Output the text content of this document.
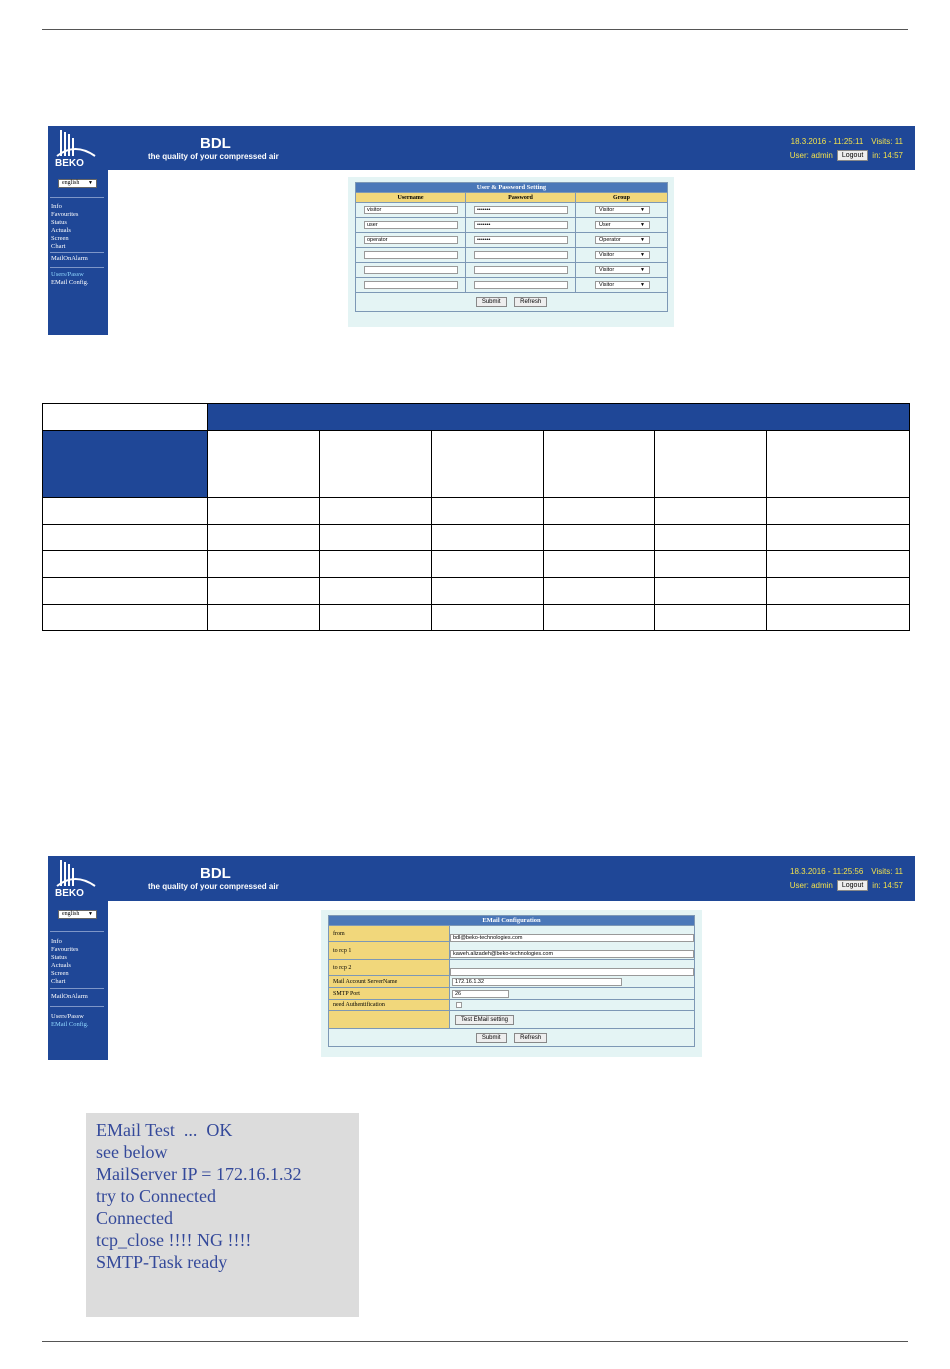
BEKO
BDL
the quality of your compressed air
18.3.2016 - 11:25:11 Visits: 11
User: admin	Logout	in: 14:57
english ▼
Info
Favourites
Status
Actuals
Screen
Chart
MailOnAlarm
Users/Passw
EMail Config.
User & Password Setting		
Username	Password	Group

visitor	•••••••	Visitor ▼

user	•••••••	User ▼

operator	•••••••	Operator ▼

		Visitor ▼

		Visitor ▼

		Visitor ▼

Submit Refresh		

BEKO
BDL
the quality of your compressed air
18.3.2016 - 11:25:56 Visits: 11
User: admin	Logout	in: 14:57
english ▼
Info
Favourites
Status
Actuals
Screen
Chart
MailOnAlarm
Users/Passw
EMail Config.
EMail Configuration	
from	bdl@beko-technologies.com

to rcp 1	kaweh.alizadeh@beko-technologies.com

to rcp 2	

Mail Account ServerName	172.16.1.32

SMTP Port	26

need Authentification	

	Test EMail setting

Submit Refresh	
EMail Test  ...  OK
see below
MailServer IP = 172.16.1.32
try to Connected
Connected
tcp_close !!!! NG !!!!
SMTP-Task ready
